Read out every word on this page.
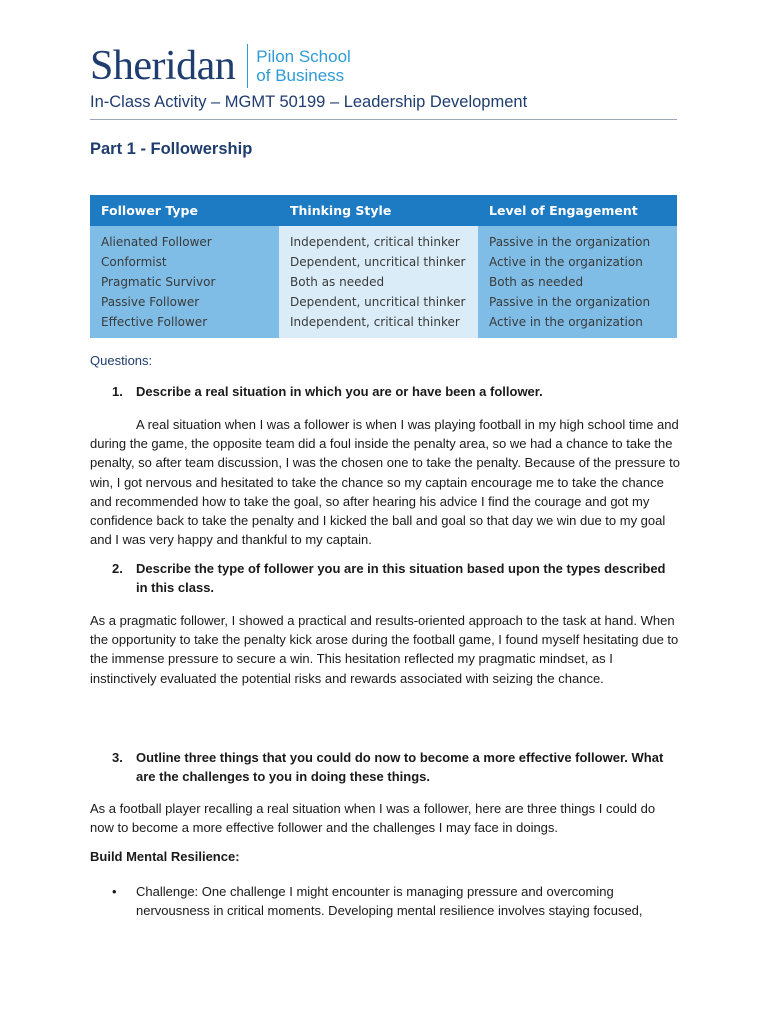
Sheridan Pilon School
of Business
In-Class Activity – MGMT 50199 – Leadership Development
Part 1 - Followership
Follower Type	Thinking Style	Level of Engagement
Alienated Follower	Independent, critical thinker	Passive in the organization
Conformist	Dependent, uncritical thinker	Active in the organization
Pragmatic Survivor	Both as needed	Both as needed
Passive Follower	Dependent, uncritical thinker	Passive in the organization
Effective Follower	Independent, critical thinker	Active in the organization
Questions:
1.	Describe a real situation in which you are or have been a follower.
A real situation when I was a follower is when I was playing football in my high school time and during the game, the opposite team did a foul inside the penalty area, so we had a chance to take the penalty, so after team discussion, I was the chosen one to take the penalty. Because of the pressure to win, I got nervous and hesitated to take the chance so my captain encourage me to take the chance and recommended how to take the goal, so after hearing his advice I find the courage and got my confidence back to take the penalty and I kicked the ball and goal so that day we win due to my goal and I was very happy and thankful to my captain.
2.	Describe the type of follower you are in this situation based upon the types described in this class.
As a pragmatic follower, I showed a practical and results-oriented approach to the task at hand. When the opportunity to take the penalty kick arose during the football game, I found myself hesitating due to the immense pressure to secure a win. This hesitation reflected my pragmatic mindset, as I instinctively evaluated the potential risks and rewards associated with seizing the chance.
3.	Outline three things that you could do now to become a more effective follower. What are the challenges to you in doing these things.
As a football player recalling a real situation when I was a follower, here are three things I could do now to become a more effective follower and the challenges I may face in doings.
Build Mental Resilience:
•	Challenge: One challenge I might encounter is managing pressure and overcoming nervousness in critical moments. Developing mental resilience involves staying focused,
